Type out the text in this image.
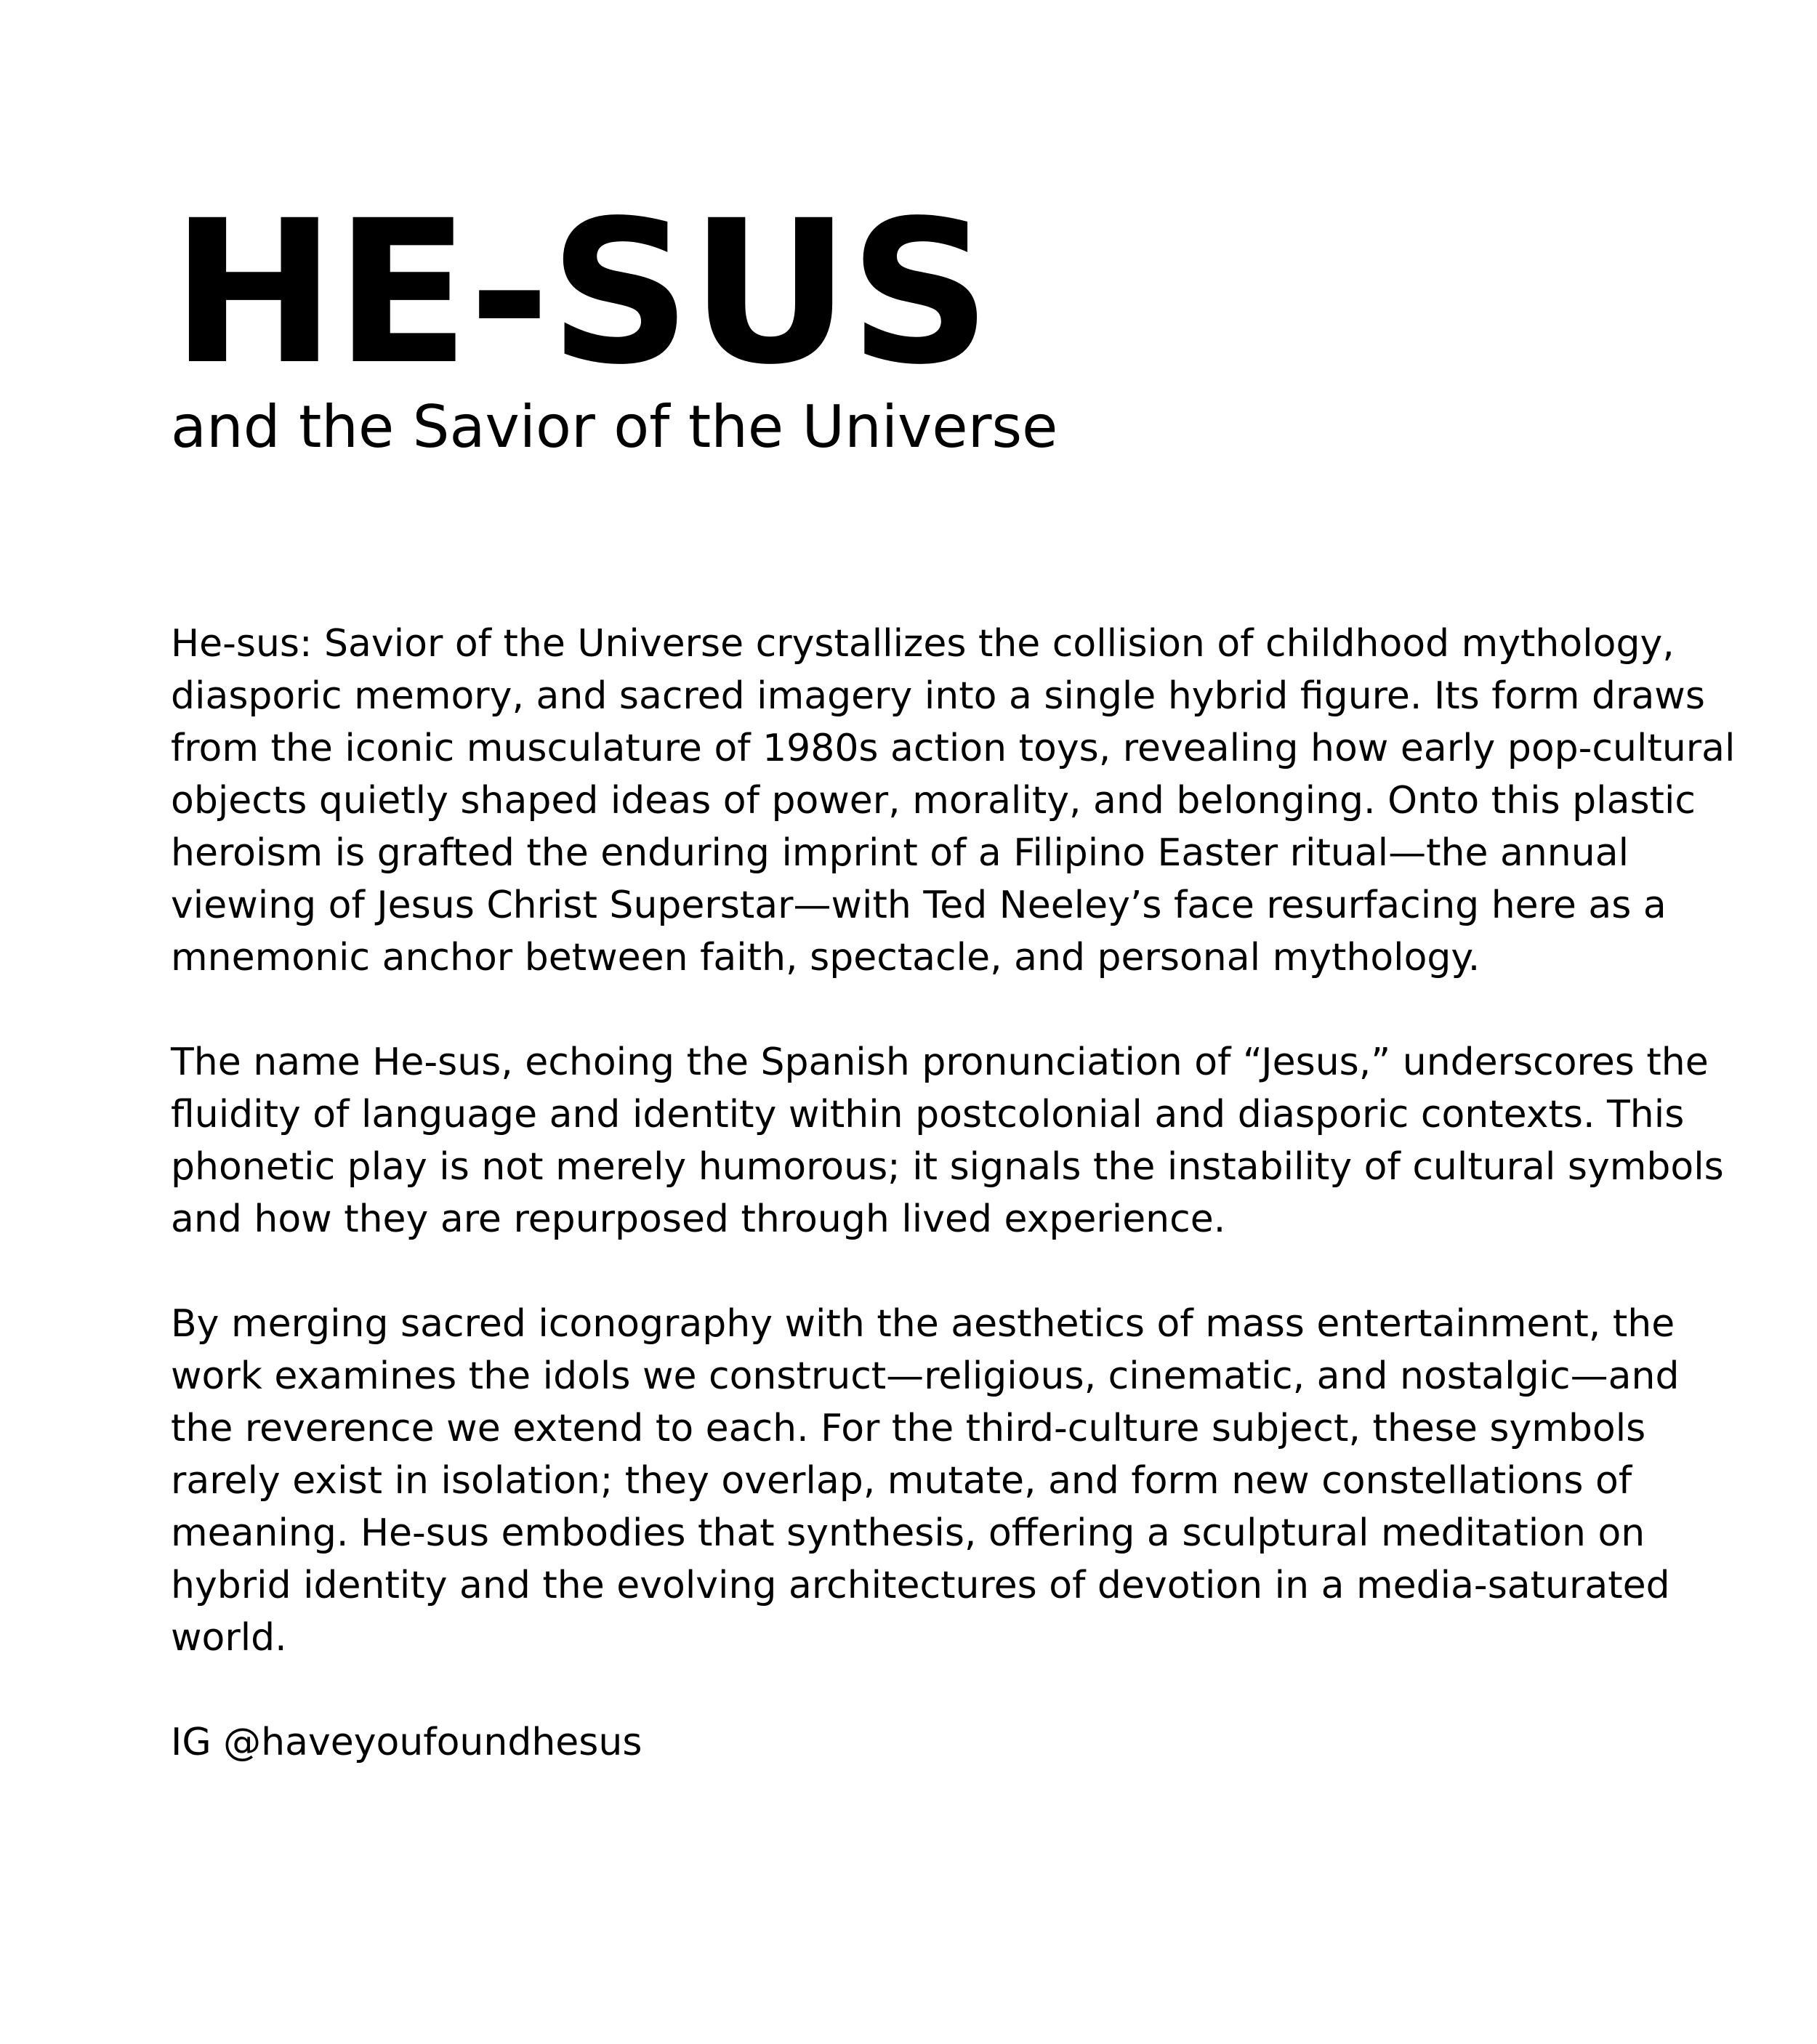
HE-SUS
and the Savior of the Universe

He-sus: Savior of the Universe crystallizes the collision of childhood mythology, diasporic memory, and sacred imagery into a single hybrid figure. Its form draws from the iconic musculature of 1980s action toys, revealing how early pop-cultural objects quietly shaped ideas of power, morality, and belonging. Onto this plastic heroism is grafted the enduring imprint of a Filipino Easter ritual—the annual viewing of Jesus Christ Superstar—with Ted Neeley’s face resurfacing here as a mnemonic anchor between faith, spectacle, and personal mythology.

The name He-sus, echoing the Spanish pronunciation of “Jesus,” underscores the fluidity of language and identity within postcolonial and diasporic contexts. This phonetic play is not merely humorous; it signals the instability of cultural symbols and how they are repurposed through lived experience.

By merging sacred iconography with the aesthetics of mass entertainment, the work examines the idols we construct—religious, cinematic, and nostalgic—and the reverence we extend to each. For the third-culture subject, these symbols rarely exist in isolation; they overlap, mutate, and form new constellations of meaning. He-sus embodies that synthesis, offering a sculptural meditation on hybrid identity and the evolving architectures of devotion in a media-saturated world.

IG @haveyoufoundhesus
